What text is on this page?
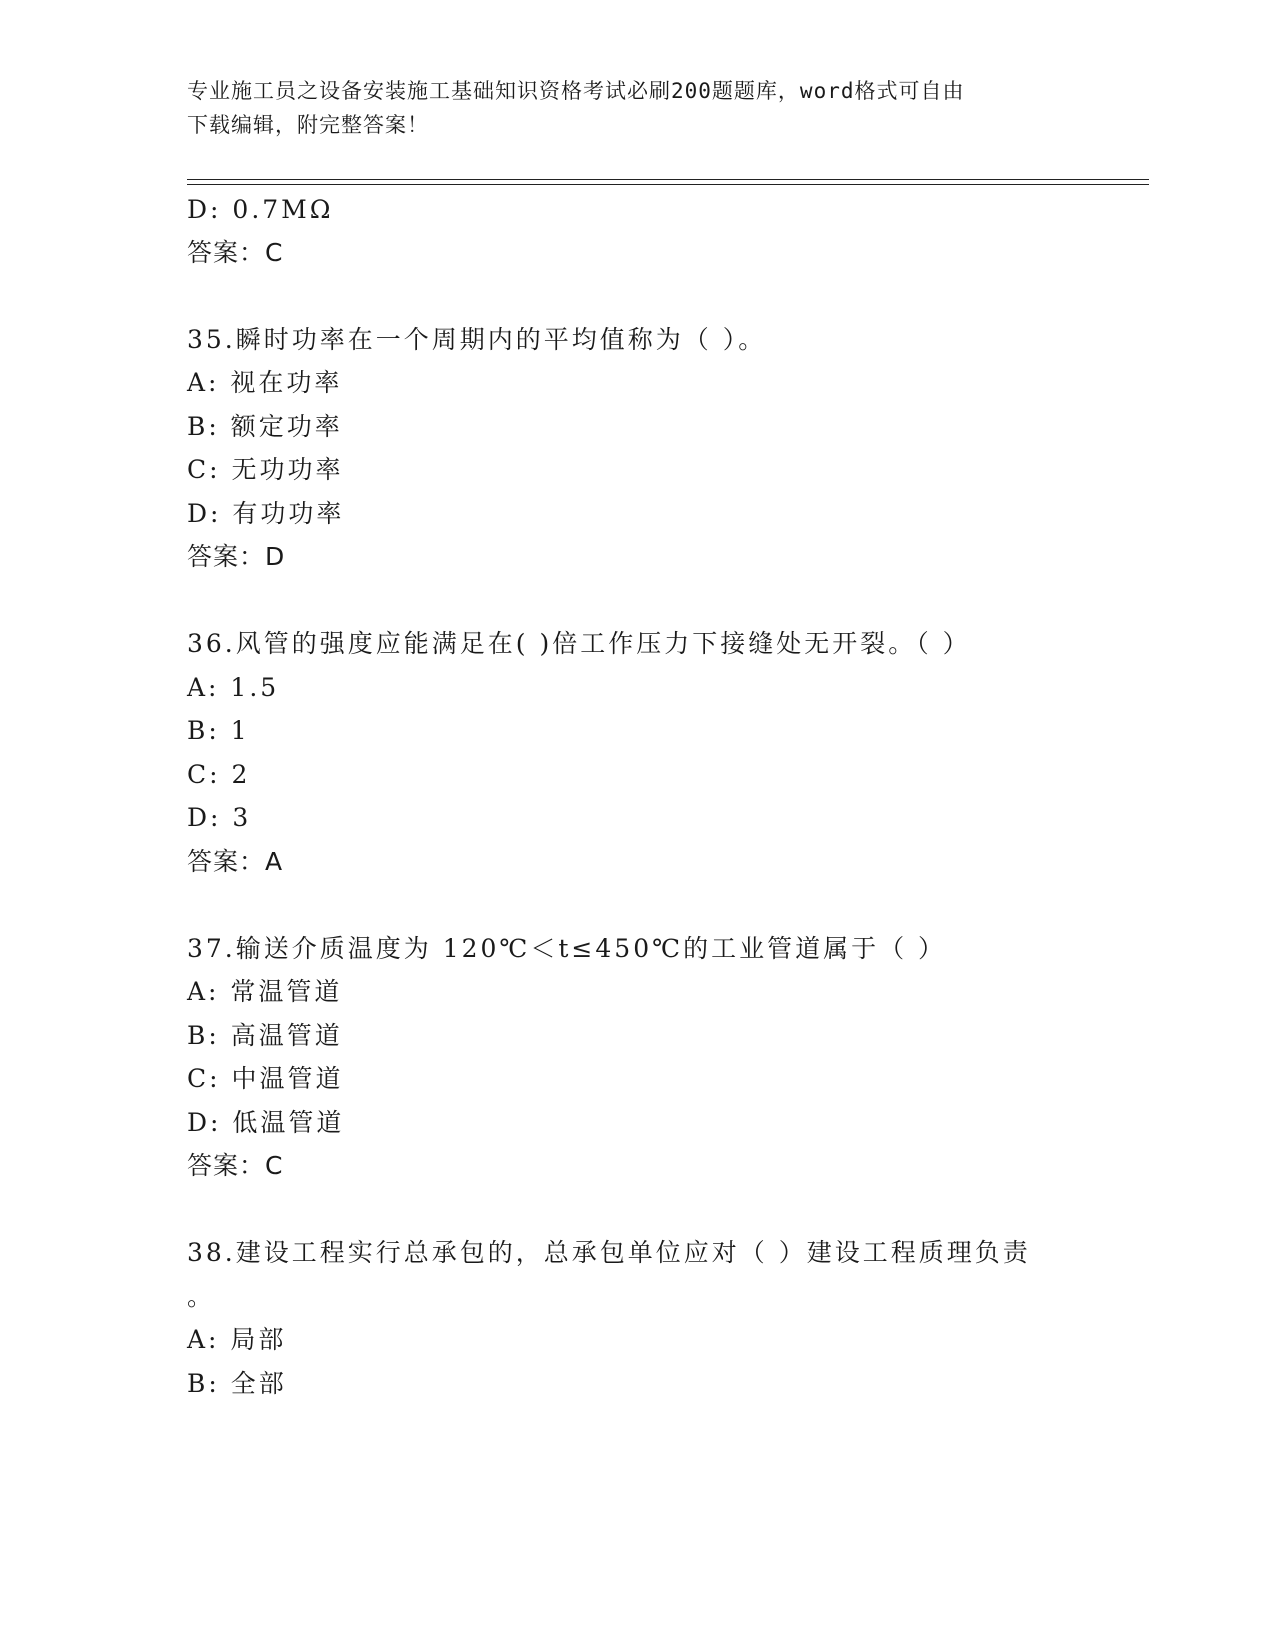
专业施工员之设备安装施工基础知识资格考试必刷200题题库，word格式可自由
下载编辑，附完整答案！
D: 0.7MΩ
答案：C
35.瞬时功率在一个周期内的平均值称为（ ）。
A: 视在功率
B: 额定功率
C: 无功功率
D: 有功功率
答案：D
36.风管的强度应能满足在( )倍工作压力下接缝处无开裂。（ ）
A: 1.5
B: 1
C: 2
D: 3
答案：A
37.输送介质温度为 120℃＜t≤450℃的工业管道属于（ ）
A: 常温管道
B: 高温管道
C: 中温管道
D: 低温管道
答案：C
38.建设工程实行总承包的，总承包单位应对（ ）建设工程质理负责
。
A: 局部
B: 全部
